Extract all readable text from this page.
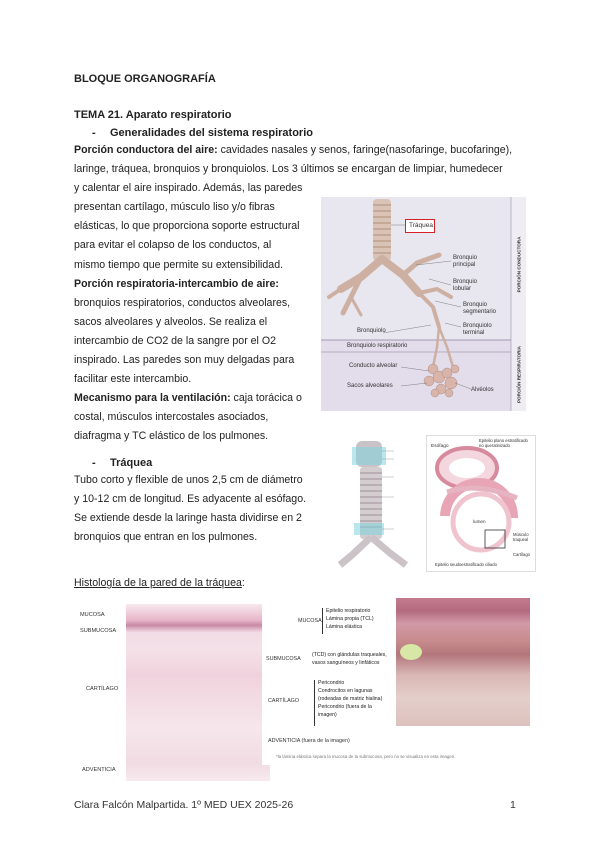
BLOQUE ORGANOGRAFÍA
TEMA 21. Aparato respiratorio
- Generalidades del sistema respiratorio
Porción conductora del aire: cavidades nasales y senos, faringe(nasofaringe, bucofaringe),
laringe, tráquea, bronquios y bronquiolos. Los 3 últimos se encargan de limpiar, humedecer
y calentar el aire inspirado. Además, las paredes
presentan cartílago, músculo liso y/o fibras
elásticas, lo que proporciona soporte estructural
para evitar el colapso de los conductos, al
mismo tiempo que permite su extensibilidad.
Porción respiratoria-intercambio de aire:
bronquios respiratorios, conductos alveolares,
sacos alveolares y alveolos. Se realiza el
intercambio de CO2 de la sangre por el O2
inspirado. Las paredes son muy delgadas para
facilitar este intercambio.
Mecanismo para la ventilación: caja torácica o
costal, músculos intercostales asociados,
diafragma y TC elástico de los pulmones.
- Tráquea
Tubo corto y flexible de unos 2,5 cm de diámetro
y 10-12 cm de longitud. Es adyacente al esófago.
Se extiende desde la laringe hasta dividirse en 2
bronquios que entran en los pulmones.
Histología de la pared de la tráquea:
Tráquea
Bronquio principal
Bronquio lobular
Bronquio segmentario
Bronquiolo
Bronquiolo terminal
Bronquiolo respiratorio
Conducto alveolar
Sacos alveolares
Alvéolos
PORCIÓN CONDUCTORA
PORCIÓN RESPIRATORIA
Esófago
Epitelio plano estratificado no queratinizado
lumen
Músculo traqueal
Cartílago
Epitelio seudoestratificado ciliado
MUCOSA
SUBMUCOSA
CARTÍLAGO
ADVENTICIA
MUCOSA
Epitelio respiratorio
Lámina propia (TCL)
Lámina elástica
SUBMUCOSA
(TCD) con glándulas traqueales,
vasos sanguíneos y linfáticos
CARTÍLAGO
Pericondrio
Condrocitos en lagunas
(rodeadas de matriz hialina)
Pericondrio (fuera de la
imagen)
ADVENTICIA (fuera de la imagen)
*la lámina elástica separa la mucosa de la submucosa, pero no se visualiza en esta imagen.
Clara Falcón Malpartida. 1º MED UEX 2025-26	1
